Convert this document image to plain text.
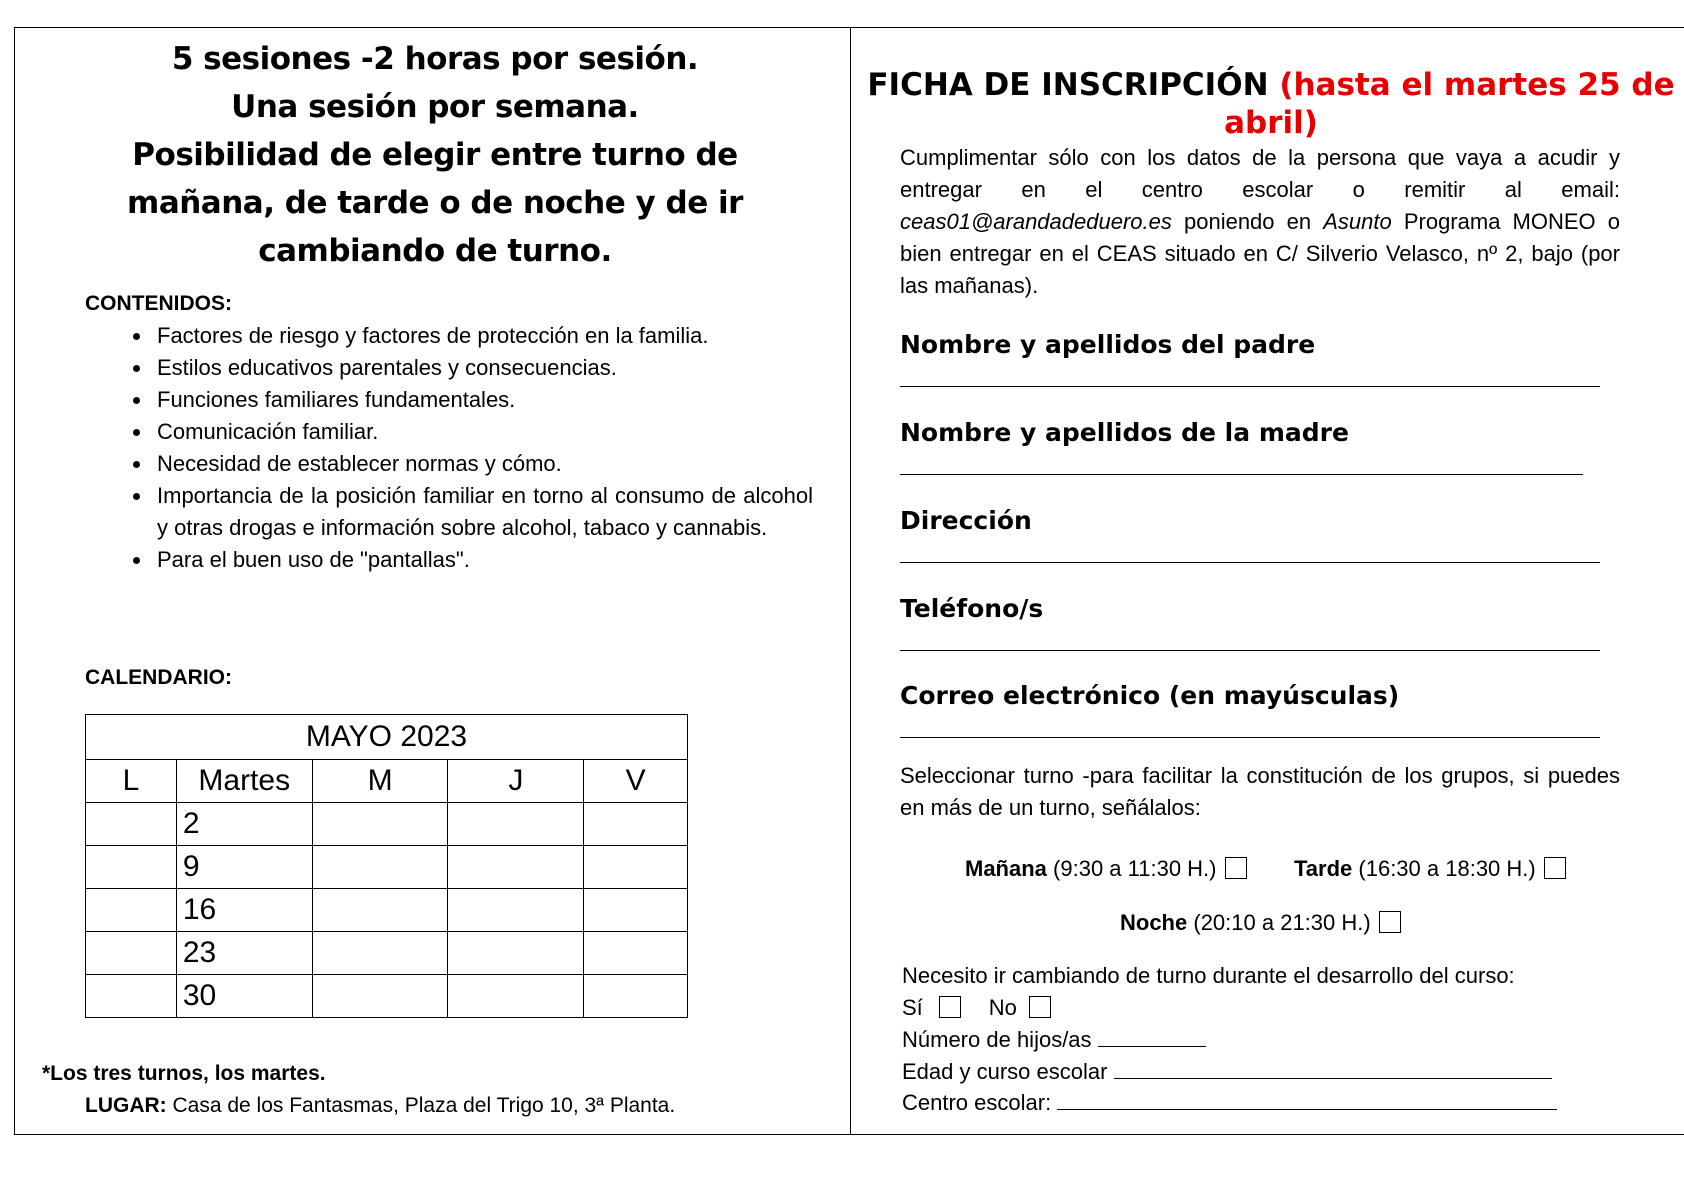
5 sesiones -2 horas por sesión.
Una sesión por semana.
Posibilidad de elegir entre turno de mañana, de tarde o de noche y de ir cambiando de turno.
CONTENIDOS:
• Factores de riesgo y factores de protección en la familia.
• Estilos educativos parentales y consecuencias.
• Funciones familiares fundamentales.
• Comunicación familiar.
• Necesidad de establecer normas y cómo.
• Importancia de la posición familiar en torno al consumo de alcohol y otras drogas e información sobre alcohol, tabaco y cannabis.
• Para el buen uso de "pantallas".
CALENDARIO:
MAYO 2023				
L	Martes	M	J	V
	2			
	9			
	16			
	23			
	30			
*Los tres turnos, los martes.
LUGAR: Casa de los Fantasmas, Plaza del Trigo 10, 3ª Planta.
FICHA DE INSCRIPCIÓN (hasta el martes 25 de abril)
Cumplimentar sólo con los datos de la persona que vaya a acudir y entregar en el centro escolar o remitir al email: ceas01@arandadeduero.es poniendo en Asunto Programa MONEO o bien entregar en el CEAS situado en C/ Silverio Velasco, nº 2, bajo (por las mañanas).
Nombre y apellidos del padre
Nombre y apellidos de la madre
Dirección
Teléfono/s
Correo electrónico (en mayúsculas)
Seleccionar turno -para facilitar la constitución de los grupos, si puedes en más de un turno, señálalos:
Mañana (9:30 a 11:30 H.)	Tarde (16:30 a 18:30 H.)
Noche (20:10 a 21:30 H.)
Necesito ir cambiando de turno durante el desarrollo del curso:
Sí	No
Número de hijos/as
Edad y curso escolar
Centro escolar:
